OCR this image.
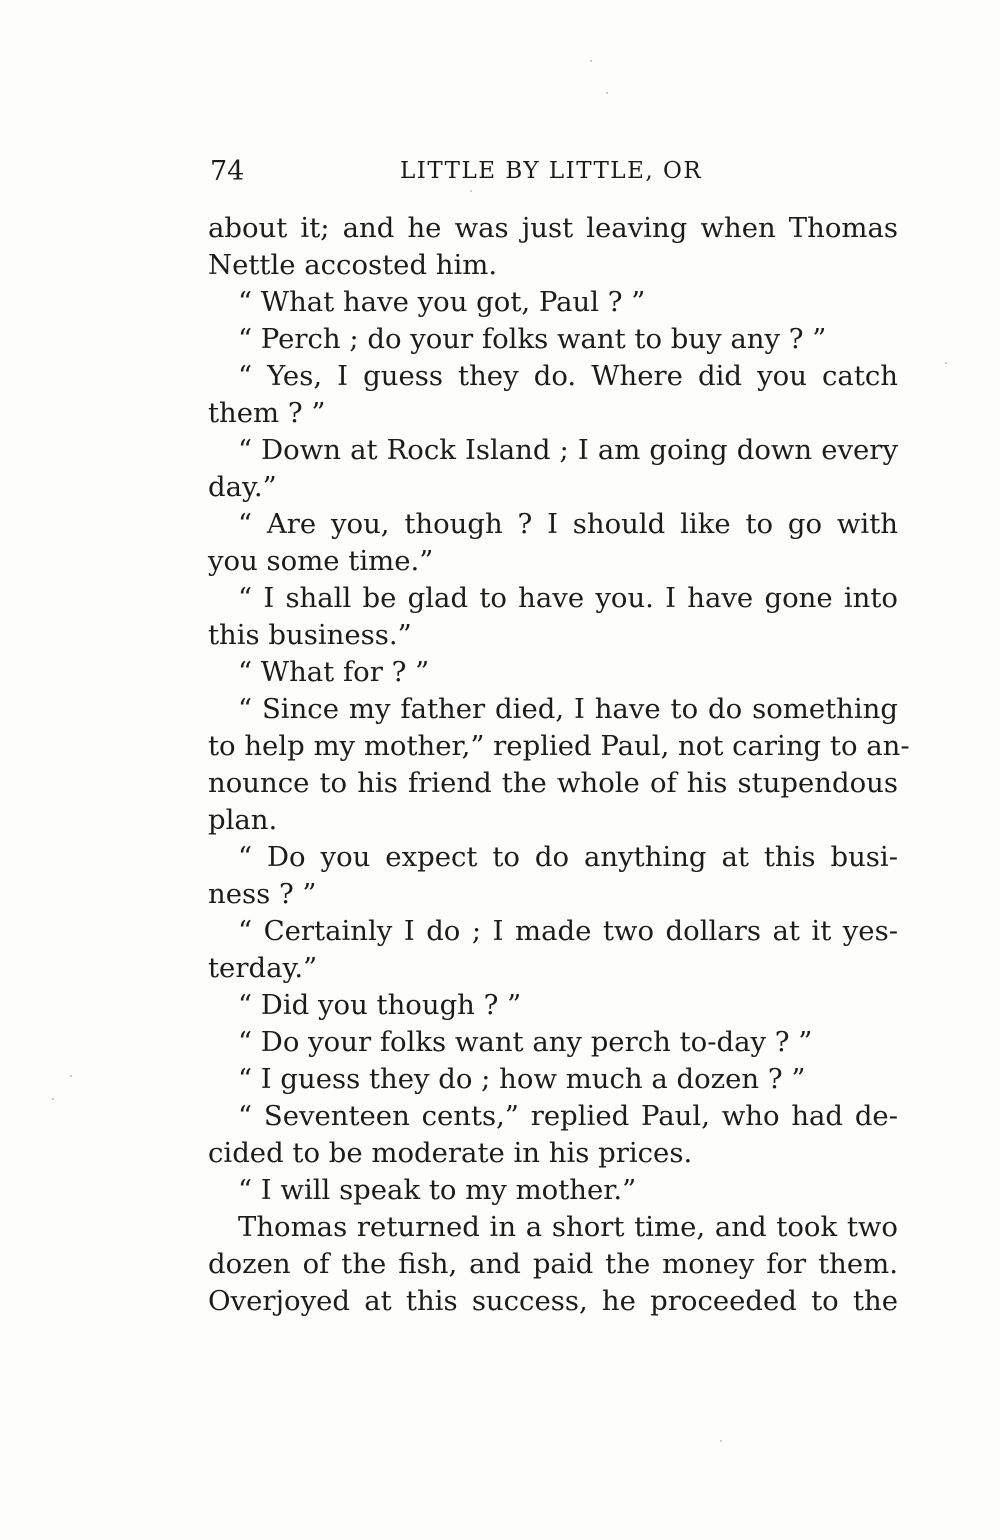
74	LITTLE BY LITTLE, OR
about it; and he was just leaving when Thomas
Nettle accosted him.
“ What have you got, Paul ? ”
“ Perch ; do your folks want to buy any ? ”
“ Yes, I guess they do. Where did you catch
them ? ”
“ Down at Rock Island ; I am going down every
day.”
“ Are you, though ? I should like to go with
you some time.”
“ I shall be glad to have you. I have gone into
this business.”
“ What for ? ”
“ Since my father died, I have to do something
to help my mother,” replied Paul, not caring to an-
nounce to his friend the whole of his stupendous
plan.
“ Do you expect to do anything at this busi-
ness ? ”
“ Certainly I do ; I made two dollars at it yes-
terday.”
“ Did you though ? ”
“ Do your folks want any perch to-day ? ”
“ I guess they do ; how much a dozen ? ”
“ Seventeen cents,” replied Paul, who had de-
cided to be moderate in his prices.
“ I will speak to my mother.”
Thomas returned in a short time, and took two
dozen of the fish, and paid the money for them.
Overjoyed at this success, he proceeded to the
